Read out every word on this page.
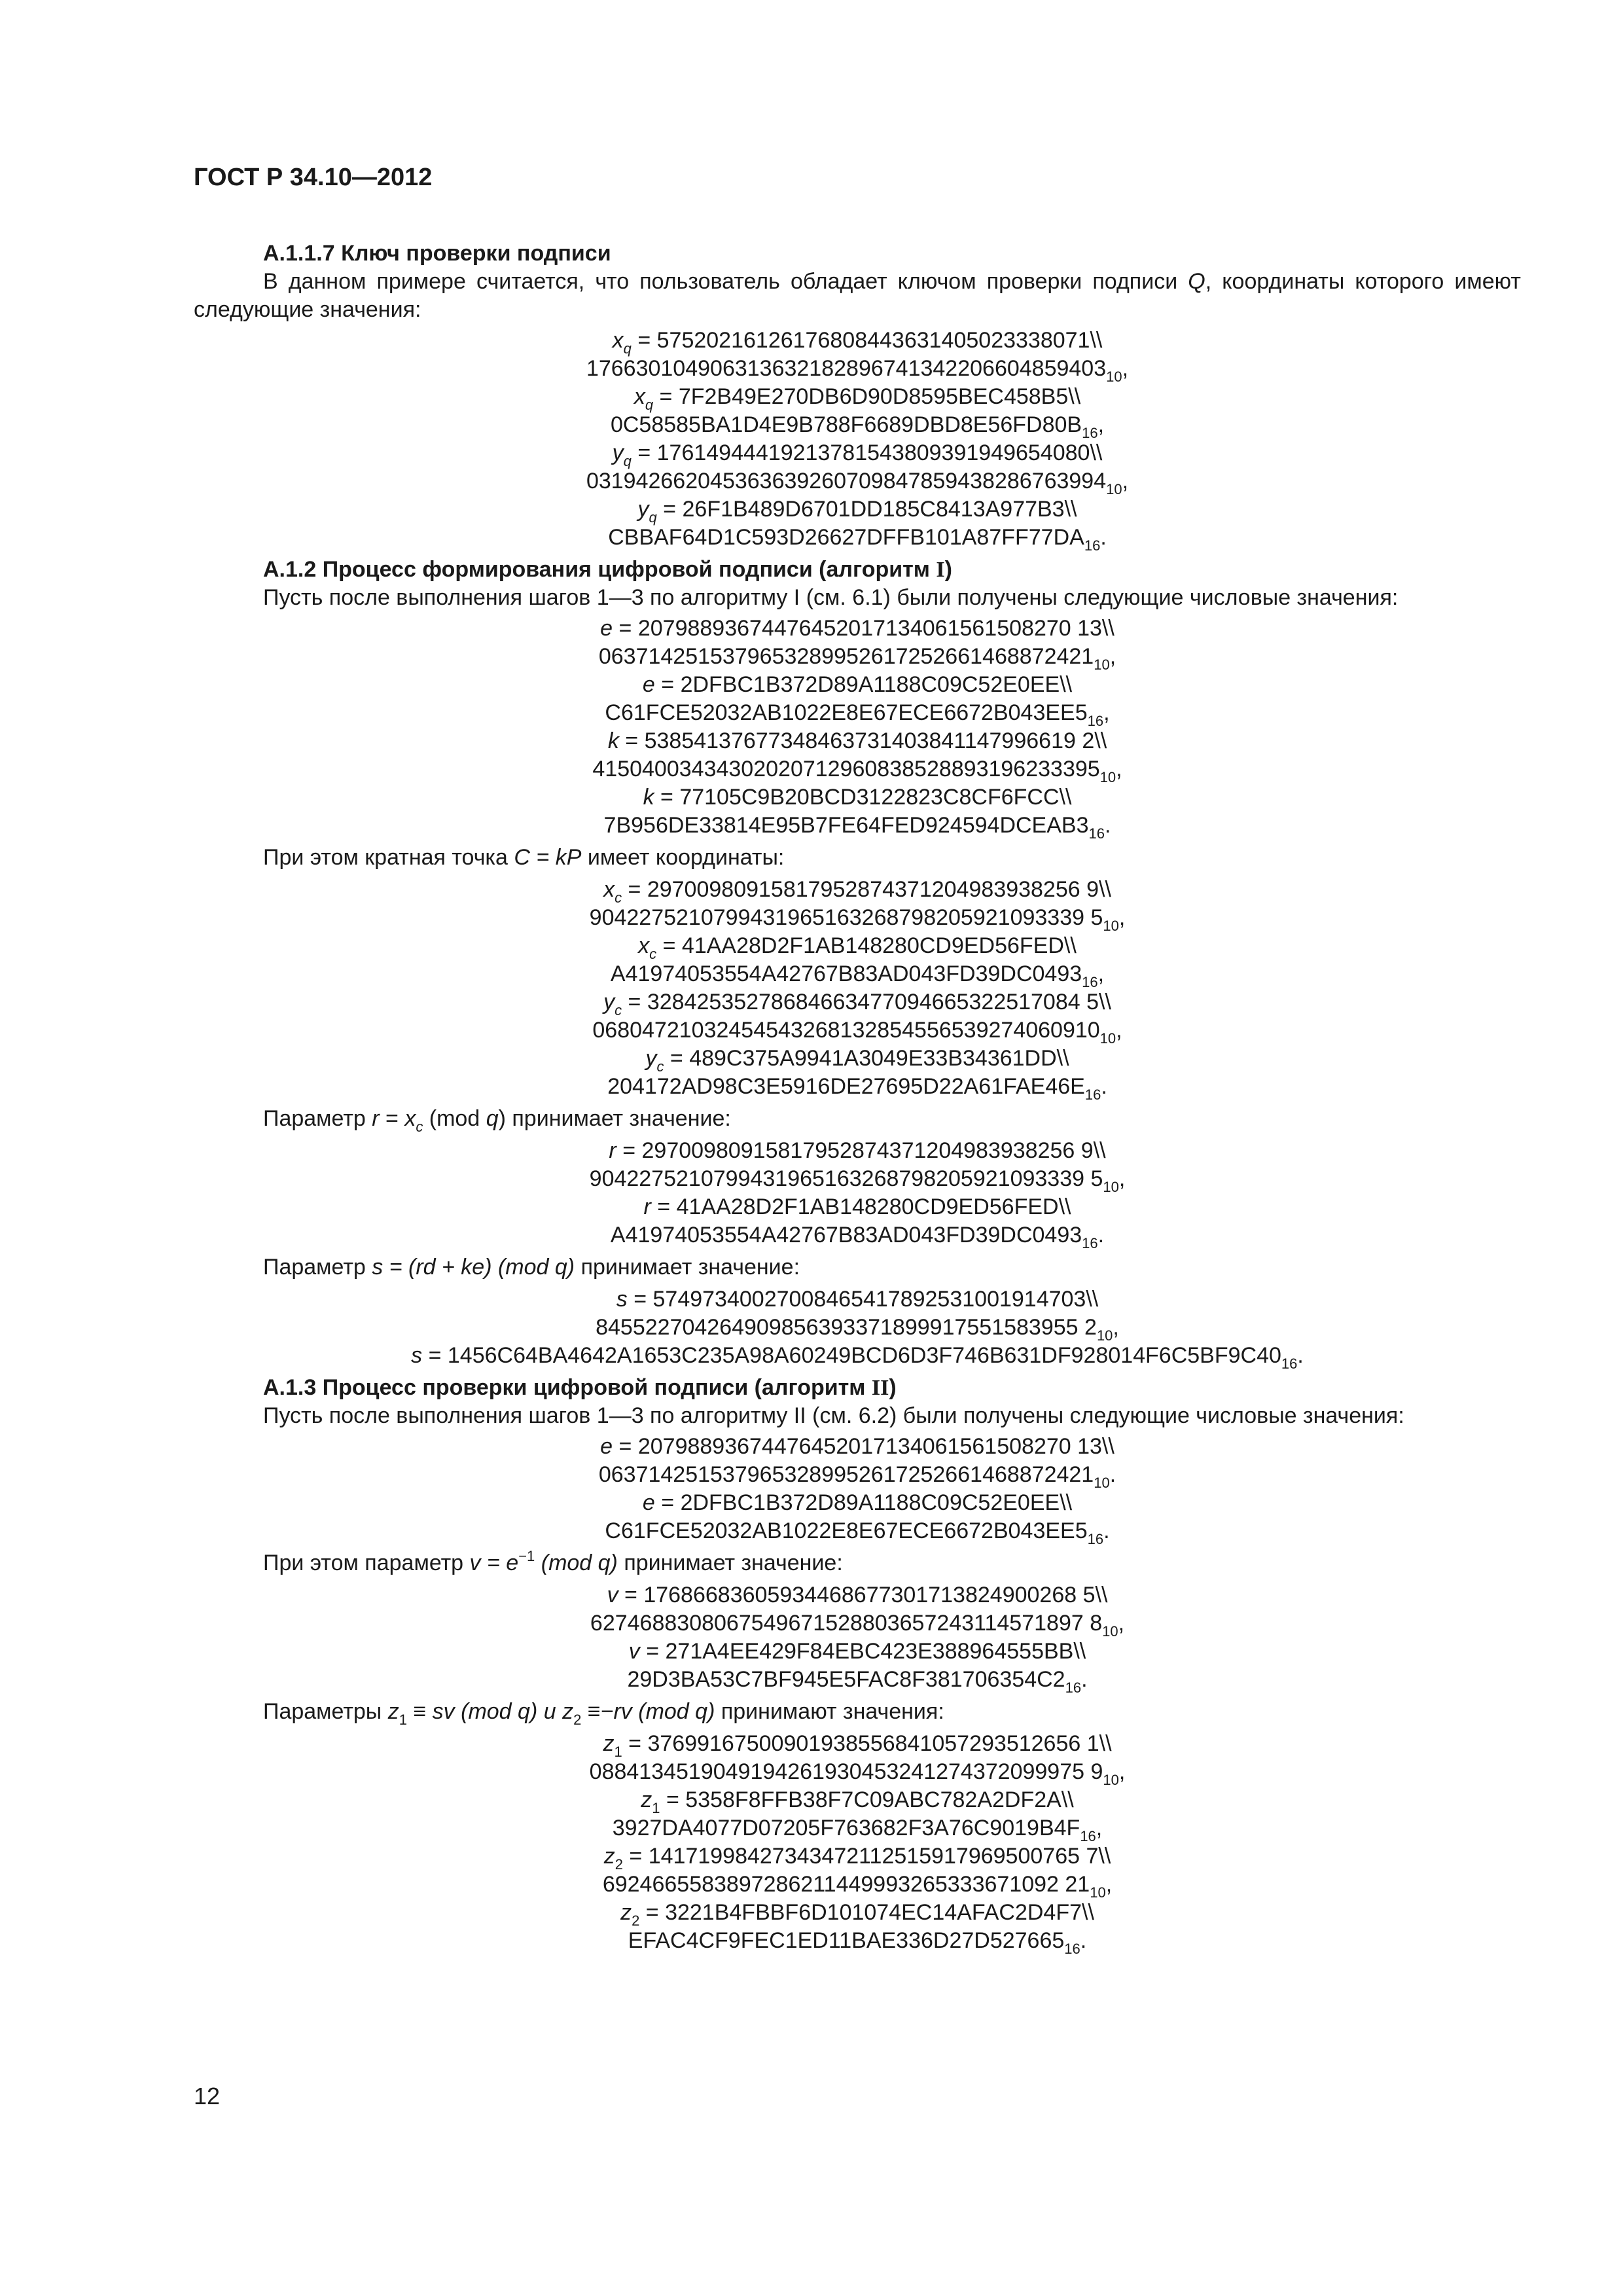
ГОСТ Р 34.10—2012
А.1.1.7 Ключ проверки подписи

В данном примере считается, что пользователь обладает ключом проверки подписи Q, координаты которого имеют следующие значения:

$x_q$ = 57520216126176808443631405023338071\\
$176630104906313632182896741342206604859403_{10}$,
$x_q$ = 7F2B49E270DB6D90D8595BEC458B5\\
$0C58585BA1D4E9B788F6689DBD8E56FD80B_{16}$,
$y_q$ = 17614944419213781543809391949654080\\
$031942662045363639260709847859438286763994_{10}$,
$y_q$ = 26F1B489D6701DD185C8413A977B3\\
$CBBAF64D1C593D26627DFFB101A87FF77DA_{16}$.
А.1.2 Процесс формирования цифровой подписи (алгоритм I)

Пусть после выполнения шагов 1—3 по алгоритму I (см. 6.1) были получены следующие числовые значения:

e = 20798893674476452017134061561508270 13\\
$0637142515379653289952617252661468872421_{10}$,
e = 2DFBC1B372D89A1188C09C52E0EE\\
$C61FCE52032AB1022E8E67ECE6672B043EE5_{16}$,
k = 53854137677348463731403841147996619 2\\
$41504003434302020712960838528893196233395_{10}$,
k = 77105C9B20BCD3122823C8CF6FCC\\
$7B956DE33814E95B7FE64FED924594DCEAB3_{16}$.

При этом кратная точка C = kP имеет координаты:

$x_c = 29700980915817952874371204983938256$ 9\\
9042275210799431965163268798205921093339 $5_{10}$,
$x_c$ = 41AA28D2F1AB148280CD9ED56FED\\
$A41974053554A42767B83AD043FD39DC0493_{16}$,
$y_c = 32842535278684663477094665322517084$ 5\\
$06804721032454543268132854556539274060910_{10}$,
$y_c$ = 489C375A9941A3049E33B34361DD\\
$204172AD98C3E5916DE27695D22A61FAE46E_{16}$.

Параметр $r = x_c$ (mod q) принимает значение:

r = 29700980915817952874371204983938256 9\\
9042275210799431965163268798205921093339 $5_{10}$,
r = 41AA28D2F1AB148280CD9ED56FED\\
$A41974053554A42767B83AD043FD39DC0493_{16}$.

Параметр s = (rd + ke) (mod q) принимает значение:

s = 57497340027008465417892531001914703\\
845522704264909856393371899917551583955 $2_{10}$,
$s = 1456C64BA4642A1653C235A98A60249BCD6D3F746B631DF928014F6C5BF9C40_{16}$.
А.1.3 Процесс проверки цифровой подписи (алгоритм II)

Пусть после выполнения шагов 1—3 по алгоритму II (см. 6.2) были получены следующие числовые значения:

e = 20798893674476452017134061561508270 13\\
$0637142515379653289952617252661468872421_{10}$.
e = 2DFBC1B372D89A1188C09C52E0EE\\
$C61FCE52032AB1022E8E67ECE6672B043EE5_{16}$.

При этом параметр $v = e^{-1}$ (mod q) принимает значение:

v = 17686683605934468677301713824900268 5\\
6274688308067549671528803657243114571897 $8_{10}$,
v = 271A4EE429F84EBC423E388964555BB\\
$29D3BA53C7BF945E5FAC8F381706354C2_{16}$.

Параметры $z_1$ ≡ sv (mod q) и $z_2 \equiv-rv$ (mod q) принимают значения:

$z_1 = 37699167500901938556841057293512656$ 1\\
0884134519049194261930453241274372099975 $9_{10}$,
$z_1$ = 5358F8FFB38F7C09ABC782A2DF2A\\
$3927DA4077D07205F763682F3A76C9019B4F_{16}$,
$z_2 = 14171998427343472112515917969500765$ 7\\
6924665583897286211449993265333671092 $21_{10}$,
$z_2$ = 3221B4FBBF6D101074EC14AFAC2D4F7\\
$EFAC4CF9FEC1ED11BAE336D27D527665_{16}$.
12
